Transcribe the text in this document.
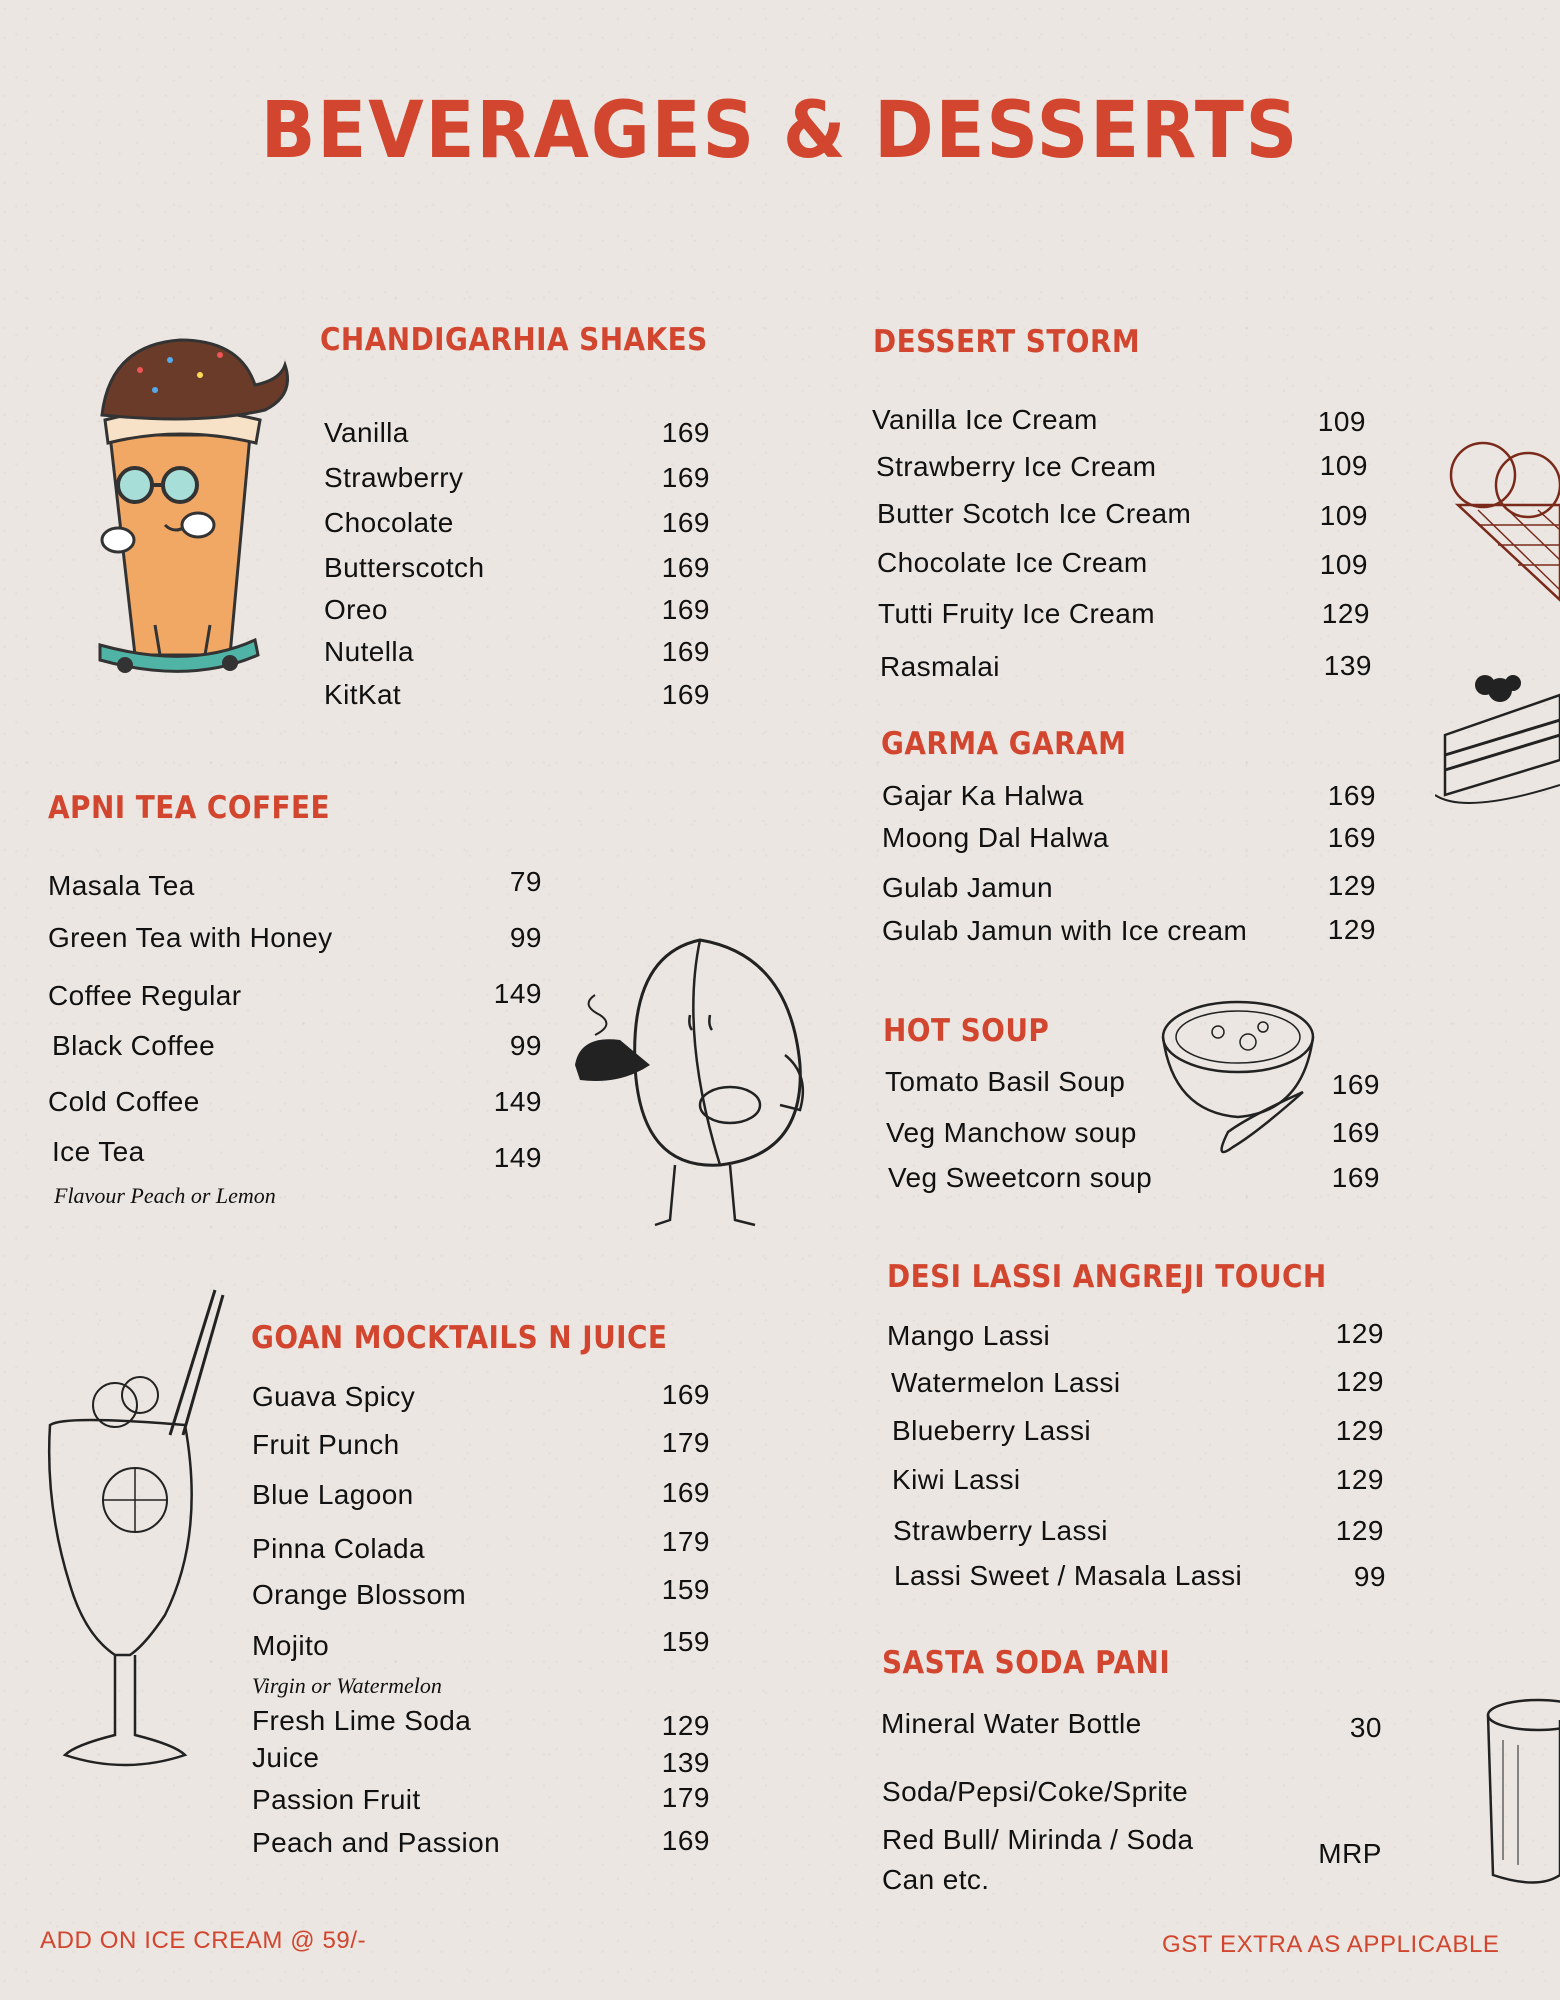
BEVERAGES & DESSERTS
CHANDIGARHIA SHAKES
Vanilla	169
Strawberry	169
Chocolate	169
Butterscotch	169
Oreo	169
Nutella	169
KitKat	169
APNI TEA COFFEE
Masala Tea	79
Green Tea with Honey	99
Coffee Regular	149
Black Coffee	99
Cold Coffee	149
Ice Tea	149
Flavour Peach or Lemon
GOAN MOCKTAILS N JUICE
Guava Spicy	169
Fruit Punch	179
Blue Lagoon	169
Pinna Colada	179
Orange Blossom	159
Mojito	159
Virgin or Watermelon
Fresh Lime Soda	129
Juice	139
Passion Fruit	179
Peach and Passion	169
DESSERT STORM
Vanilla Ice Cream	109
Strawberry Ice Cream	109
Butter Scotch Ice Cream	109
Chocolate Ice Cream	109
Tutti Fruity Ice Cream	129
Rasmalai	139
GARMA GARAM
Gajar Ka Halwa	169
Moong Dal Halwa	169
Gulab Jamun	129
Gulab Jamun with Ice cream	129
HOT SOUP
Tomato Basil Soup	169
Veg Manchow soup	169
Veg Sweetcorn soup	169
DESI LASSI ANGREJI TOUCH
Mango Lassi	129
Watermelon Lassi	129
Blueberry Lassi	129
Kiwi Lassi	129
Strawberry Lassi	129
Lassi Sweet / Masala Lassi	99
SASTA SODA PANI
Mineral Water Bottle	30
Soda/Pepsi/Coke/Sprite
Red Bull/ Mirinda / Soda	MRP
Can etc.
ADD ON ICE CREAM @ 59/-	GST EXTRA AS APPLICABLE
